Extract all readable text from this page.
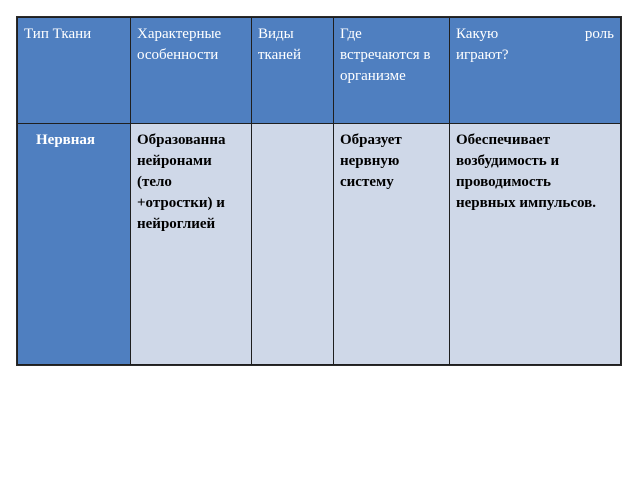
Тип Ткани	Характерные особенности	Виды тканей	Где встречаются в организме	Какую роль
играют?

Нервная	Образованна нейронами (тело +отростки) и нейроглией		Образует нервную систему	Обеспечивает возбудимость и проводимость нервных импульсов.
